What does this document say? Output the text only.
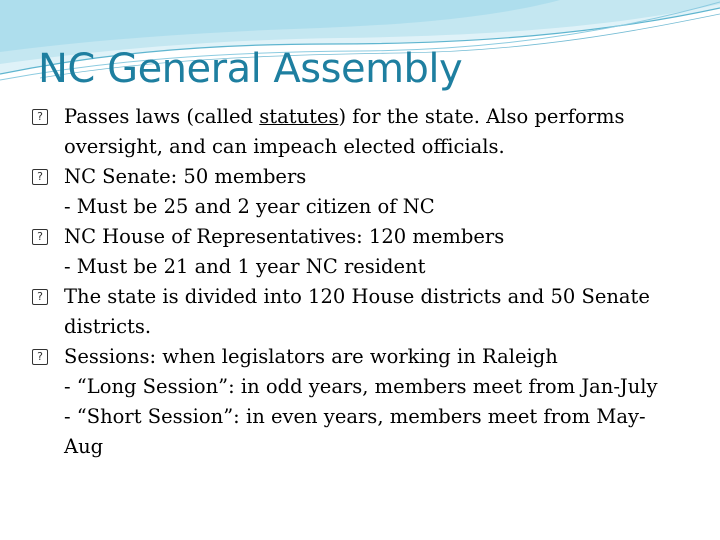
NC General Assembly
?	Passes laws (called statutes) for the state. Also performs oversight, and can impeach elected officials.
?	NC Senate: 50 members
- Must be 25 and 2 year citizen of NC
?	NC House of Representatives: 120 members
- Must be 21 and 1 year NC resident
?	The state is divided into 120 House districts and 50 Senate districts.
?	Sessions: when legislators are working in Raleigh
- “Long Session”: in odd years, members meet from Jan-July
- “Short Session”: in even years, members meet from May-Aug
